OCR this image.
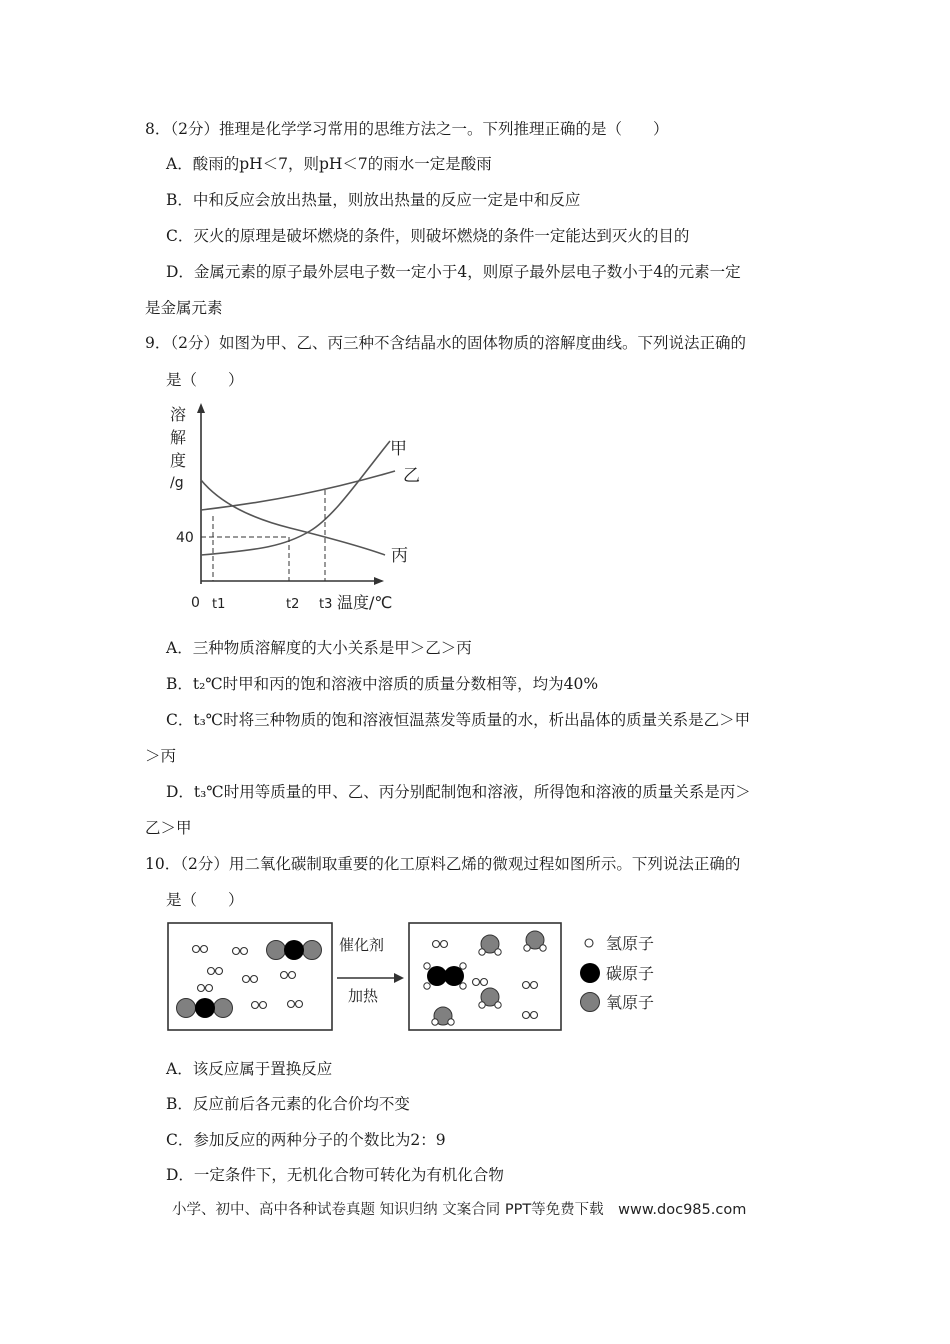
8．（2分）推理是化学学习常用的思维方法之一。下列推理正确的是（　　）
A．酸雨的pH＜7，则pH＜7的雨水一定是酸雨
B．中和反应会放出热量，则放出热量的反应一定是中和反应
C．灭火的原理是破坏燃烧的条件，则破坏燃烧的条件一定能达到灭火的目的
D．金属元素的原子最外层电子数一定小于4，则原子最外层电子数小于4的元素一定
是金属元素
9．（2分）如图为甲、乙、丙三种不含结晶水的固体物质的溶解度曲线。下列说法正确的
是（　　）
溶
解
度
/g
40
0 t1	t2 t3 温度/℃
甲
乙
丙
A．三种物质溶解度的大小关系是甲＞乙＞丙
B．t₂℃时甲和丙的饱和溶液中溶质的质量分数相等，均为40%
C．t₃℃时将三种物质的饱和溶液恒温蒸发等质量的水，析出晶体的质量关系是乙＞甲
＞丙
D．t₃℃时用等质量的甲、乙、丙分别配制饱和溶液，所得饱和溶液的质量关系是丙＞
乙＞甲
10．（2分）用二氧化碳制取重要的化工原料乙烯的微观过程如图所示。下列说法正确的
是（　　）
催化剂
加热
氢原子
碳原子
氧原子
A．该反应属于置换反应
B．反应前后各元素的化合价均不变
C．参加反应的两种分子的个数比为2：9
D．一定条件下，无机化合物可转化为有机化合物
小学、初中、高中各种试卷真题 知识归纳 文案合同 PPT等免费下载　www.doc985.com
